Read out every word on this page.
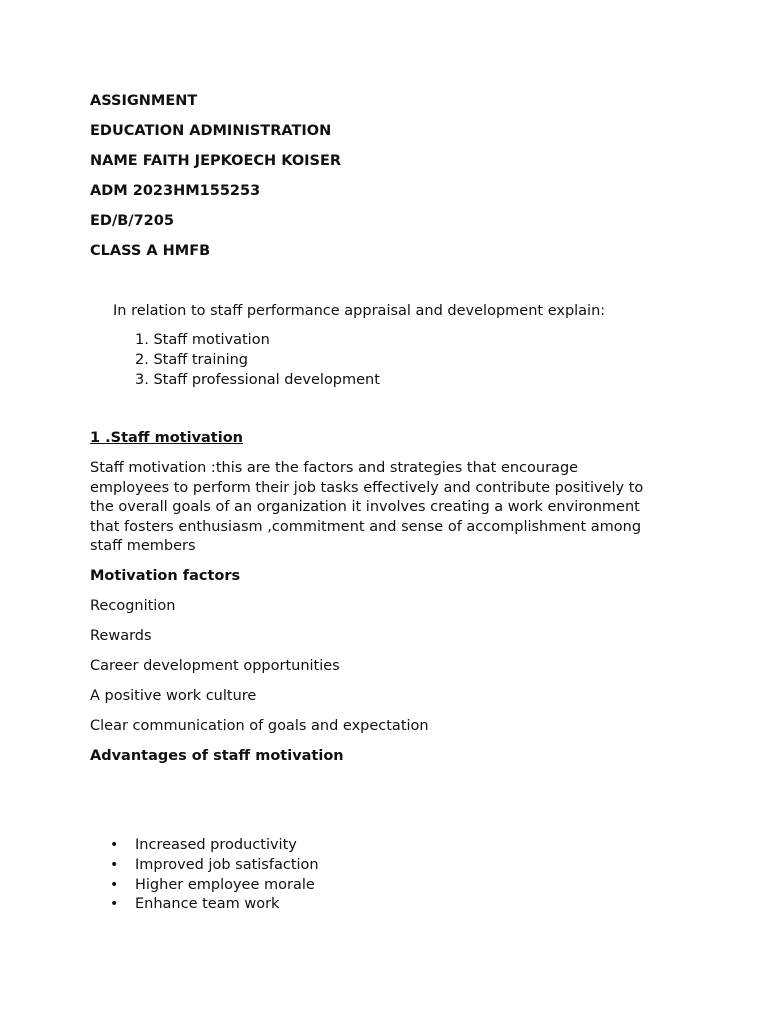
ASSIGNMENT
EDUCATION ADMINISTRATION
NAME FAITH JEPKOECH KOISER
ADM 2023HM155253
ED/B/7205
CLASS A HMFB
In relation to staff performance appraisal and development explain:
1. Staff motivation
2. Staff training
3. Staff professional development
1 .Staff motivation
Staff motivation :this are the factors and strategies that encourage
employees to perform their job tasks effectively and contribute positively to
the overall goals of an organization it involves creating a work environment
that fosters enthusiasm ,commitment and sense of accomplishment among
staff members
Motivation factors
Recognition
Rewards
Career development opportunities
A positive work culture
Clear communication of goals and expectation
Advantages of staff motivation
• Increased productivity
• Improved job satisfaction
• Higher employee morale
• Enhance team work
